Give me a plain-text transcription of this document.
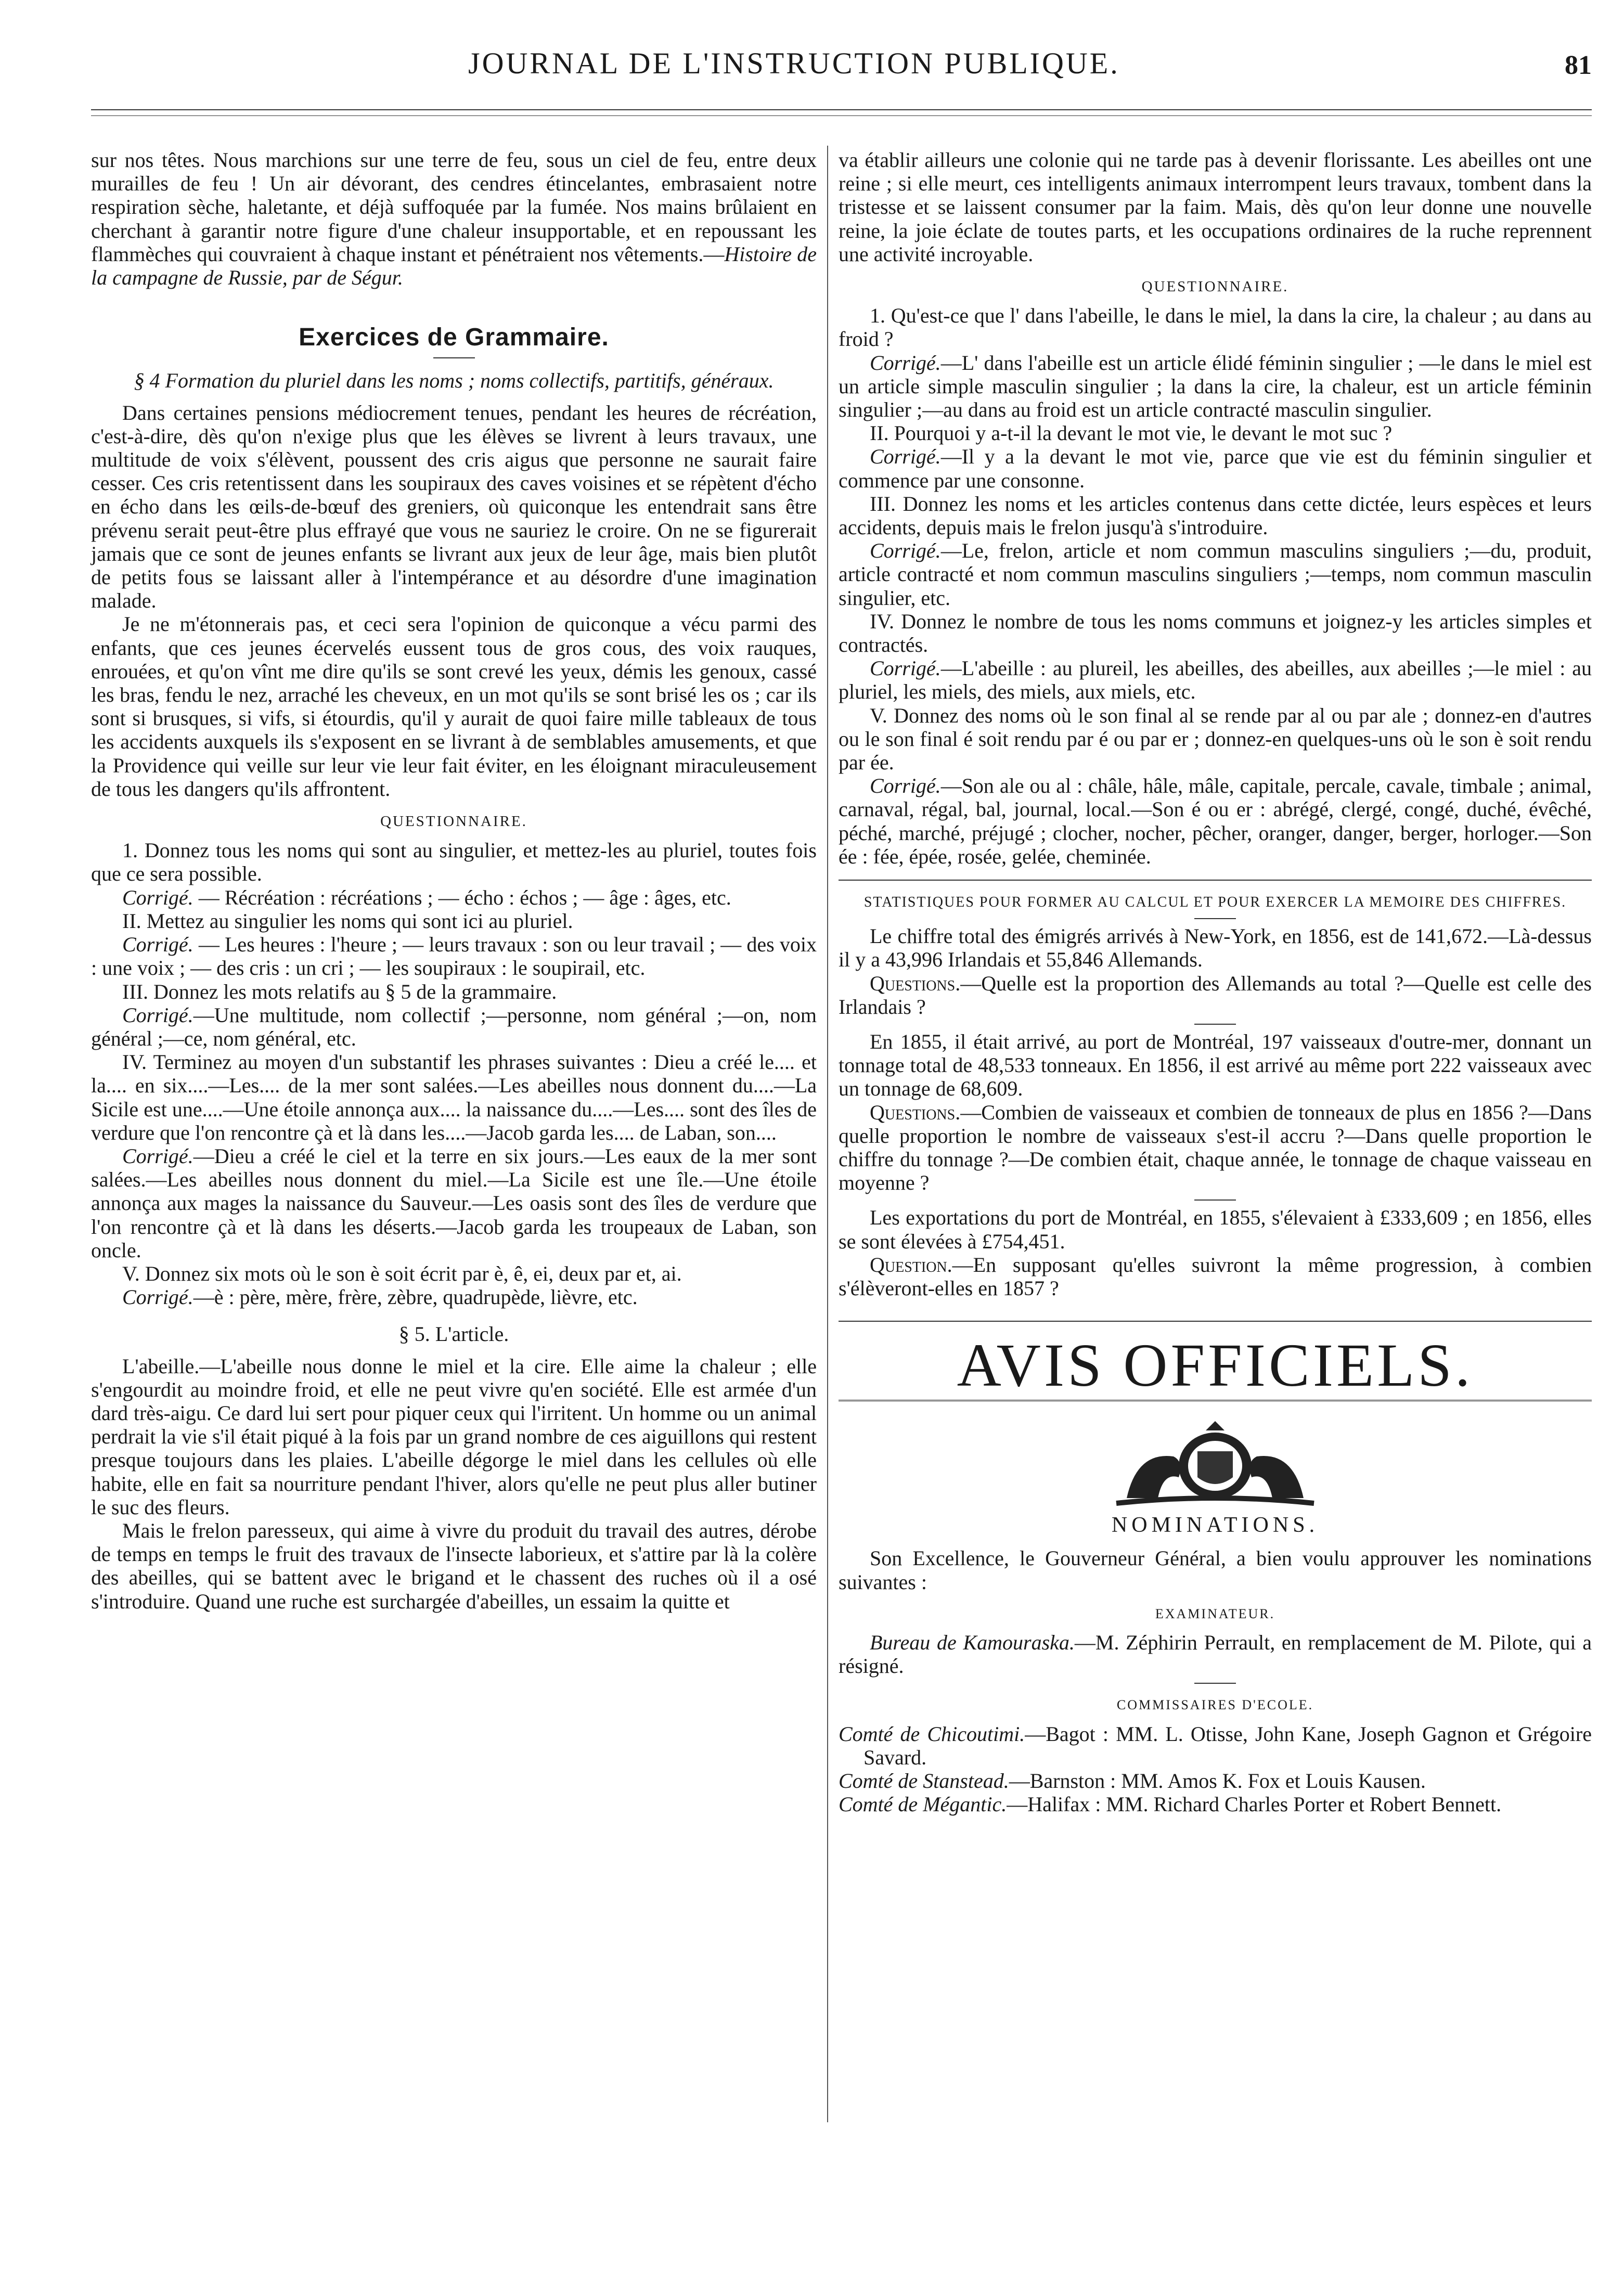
JOURNAL DE L'INSTRUCTION PUBLIQUE.	81

sur nos têtes. Nous marchions sur une terre de feu, sous un ciel de feu, entre deux murailles de feu ! Un air dévorant, des cendres étincelantes, embrasaient notre respiration sèche, haletante, et déjà suffoquée par la fumée. Nos mains brûlaient en cherchant à garantir notre figure d'une chaleur insupportable, et en repoussant les flammèches qui couvraient à chaque instant et pénétraient nos vêtements.—Histoire de la campagne de Russie, par de Ségur.

Exercices de Grammaire.
§ 4 Formation du pluriel dans les noms ; noms collectifs, partitifs, généraux.

Dans certaines pensions médiocrement tenues, pendant les heures de récréation, c'est-à-dire, dès qu'on n'exige plus que les élèves se livrent à leurs travaux, une multitude de voix s'élèvent, poussent des cris aigus que personne ne saurait faire cesser. Ces cris retentissent dans les soupiraux des caves voisines et se répètent d'écho en écho dans les œils-de-bœuf des greniers, où quiconque les entendrait sans être prévenu serait peut-être plus effrayé que vous ne sauriez le croire. On ne se figurerait jamais que ce sont de jeunes enfants se livrant aux jeux de leur âge, mais bien plutôt de petits fous se laissant aller à l'intempérance et au désordre d'une imagination malade.

Je ne m'étonnerais pas, et ceci sera l'opinion de quiconque a vécu parmi des enfants, que ces jeunes écervelés eussent tous de gros cous, des voix rauques, enrouées, et qu'on vînt me dire qu'ils se sont crevé les yeux, démis les genoux, cassé les bras, fendu le nez, arraché les cheveux, en un mot qu'ils se sont brisé les os ; car ils sont si brusques, si vifs, si étourdis, qu'il y aurait de quoi faire mille tableaux de tous les accidents auxquels ils s'exposent en se livrant à de semblables amusements, et que la Providence qui veille sur leur vie leur fait éviter, en les éloignant miraculeusement de tous les dangers qu'ils affrontent.

QUESTIONNAIRE.

1. Donnez tous les noms qui sont au singulier, et mettez-les au pluriel, toutes fois que ce sera possible.

Corrigé. — Récréation : récréations ; — écho : échos ; — âge : âges, etc.

II. Mettez au singulier les noms qui sont ici au pluriel.

Corrigé. — Les heures : l'heure ; — leurs travaux : son ou leur travail ; — des voix : une voix ; — des cris : un cri ; — les soupiraux : le soupirail, etc.

III. Donnez les mots relatifs au § 5 de la grammaire.

Corrigé.—Une multitude, nom collectif ;—personne, nom général ;—on, nom général ;—ce, nom général, etc.

IV. Terminez au moyen d'un substantif les phrases suivantes : Dieu a créé le.... et la.... en six....—Les.... de la mer sont salées.—Les abeilles nous donnent du....—La Sicile est une....—Une étoile annonça aux.... la naissance du....—Les.... sont des îles de verdure que l'on rencontre çà et là dans les....—Jacob garda les.... de Laban, son....

Corrigé.—Dieu a créé le ciel et la terre en six jours.—Les eaux de la mer sont salées.—Les abeilles nous donnent du miel.—La Sicile est une île.—Une étoile annonça aux mages la naissance du Sauveur.—Les oasis sont des îles de verdure que l'on rencontre çà et là dans les déserts.—Jacob garda les troupeaux de Laban, son oncle.

V. Donnez six mots où le son è soit écrit par è, ê, ei, deux par et, ai.

Corrigé.—è : père, mère, frère, zèbre, quadrupède, lièvre, etc.

§ 5. L'article.

L'abeille.—L'abeille nous donne le miel et la cire. Elle aime la chaleur ; elle s'engourdit au moindre froid, et elle ne peut vivre qu'en société. Elle est armée d'un dard très-aigu. Ce dard lui sert pour piquer ceux qui l'irritent. Un homme ou un animal perdrait la vie s'il était piqué à la fois par un grand nombre de ces aiguillons qui restent presque toujours dans les plaies. L'abeille dégorge le miel dans les cellules où elle habite, elle en fait sa nourriture pendant l'hiver, alors qu'elle ne peut plus aller butiner le suc des fleurs.

Mais le frelon paresseux, qui aime à vivre du produit du travail des autres, dérobe de temps en temps le fruit des travaux de l'insecte laborieux, et s'attire par là la colère des abeilles, qui se battent avec le brigand et le chassent des ruches où il a osé s'introduire. Quand une ruche est surchargée d'abeilles, un essaim la quitte et

va établir ailleurs une colonie qui ne tarde pas à devenir florissante. Les abeilles ont une reine ; si elle meurt, ces intelligents animaux interrompent leurs travaux, tombent dans la tristesse et se laissent consumer par la faim. Mais, dès qu'on leur donne une nouvelle reine, la joie éclate de toutes parts, et les occupations ordinaires de la ruche reprennent une activité incroyable.

QUESTIONNAIRE.

1. Qu'est-ce que l' dans l'abeille, le dans le miel, la dans la cire, la chaleur ; au dans au froid ?

Corrigé.—L' dans l'abeille est un article élidé féminin singulier ; —le dans le miel est un article simple masculin singulier ; la dans la cire, la chaleur, est un article féminin singulier ;—au dans au froid est un article contracté masculin singulier.

II. Pourquoi y a-t-il la devant le mot vie, le devant le mot suc ?

Corrigé.—Il y a la devant le mot vie, parce que vie est du féminin singulier et commence par une consonne.

III. Donnez les noms et les articles contenus dans cette dictée, leurs espèces et leurs accidents, depuis mais le frelon jusqu'à s'introduire.

Corrigé.—Le, frelon, article et nom commun masculins singuliers ;—du, produit, article contracté et nom commun masculins singuliers ;—temps, nom commun masculin singulier, etc.

IV. Donnez le nombre de tous les noms communs et joignez-y les articles simples et contractés.

Corrigé.—L'abeille : au plureil, les abeilles, des abeilles, aux abeilles ;—le miel : au pluriel, les miels, des miels, aux miels, etc.

V. Donnez des noms où le son final al se rende par al ou par ale ; donnez-en d'autres ou le son final é soit rendu par é ou par er ; donnez-en quelques-uns où le son è soit rendu par ée.

Corrigé.—Son ale ou al : châle, hâle, mâle, capitale, percale, cavale, timbale ; animal, carnaval, régal, bal, journal, local.—Son é ou er : abrégé, clergé, congé, duché, évêché, péché, marché, préjugé ; clocher, nocher, pêcher, oranger, danger, berger, horloger.—Son ée : fée, épée, rosée, gelée, cheminée.

STATISTIQUES POUR FORMER AU CALCUL ET POUR EXERCER LA MEMOIRE DES CHIFFRES.

Le chiffre total des émigrés arrivés à New-York, en 1856, est de 141,672.—Là-dessus il y a 43,996 Irlandais et 55,846 Allemands.

Questions.—Quelle est la proportion des Allemands au total ?—Quelle est celle des Irlandais ?

En 1855, il était arrivé, au port de Montréal, 197 vaisseaux d'outre-mer, donnant un tonnage total de 48,533 tonneaux. En 1856, il est arrivé au même port 222 vaisseaux avec un tonnage de 68,609.

Questions.—Combien de vaisseaux et combien de tonneaux de plus en 1856 ?—Dans quelle proportion le nombre de vaisseaux s'est-il accru ?—Dans quelle proportion le chiffre du tonnage ?—De combien était, chaque année, le tonnage de chaque vaisseau en moyenne ?

Les exportations du port de Montréal, en 1855, s'élevaient à £333,609 ; en 1856, elles se sont élevées à £754,451.

Question.—En supposant qu'elles suivront la même progression, à combien s'élèveront-elles en 1857 ?

AVIS OFFICIELS.
NOMINATIONS.

Son Excellence, le Gouverneur Général, a bien voulu approuver les nominations suivantes :

EXAMINATEUR.

Bureau de Kamouraska.—M. Zéphirin Perrault, en remplacement de M. Pilote, qui a résigné.

COMMISSAIRES D'ECOLE.

Comté de Chicoutimi.—Bagot : MM. L. Otisse, John Kane, Joseph Gagnon et Grégoire Savard.

Comté de Stanstead.—Barnston : MM. Amos K. Fox et Louis Kausen.

Comté de Mégantic.—Halifax : MM. Richard Charles Porter et Robert Bennett.
